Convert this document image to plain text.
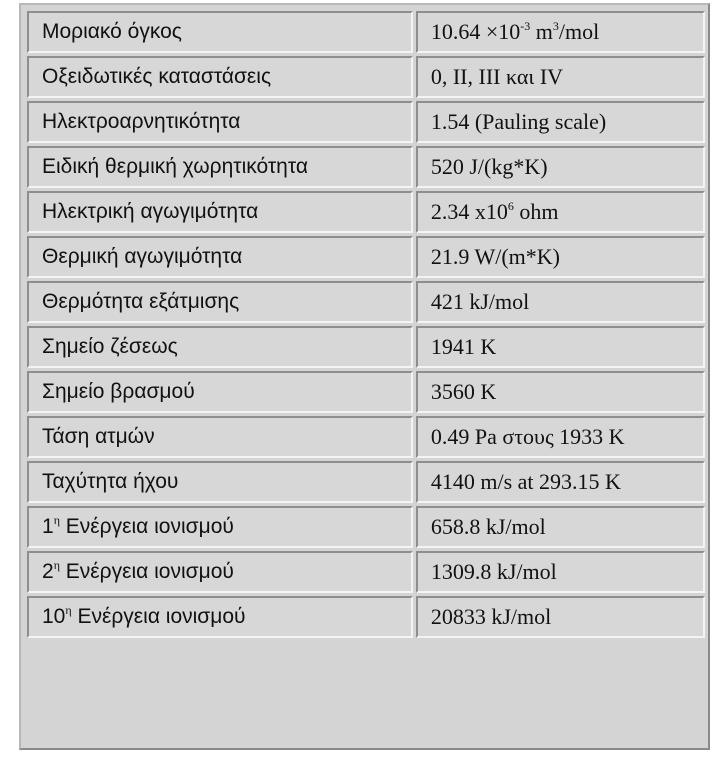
Μοριακό όγκος	$10.64 \times 10^{-3}$ $m^3$/mol
Οξειδωτικές καταστάσεις	0, ΙΙ, ΙΙΙ και IV
Ηλεκτροαρνητικότητα	1.54 (Pauling scale)
Ειδική θερμική χωρητικότητα	520 J/(kg*K)
Ηλεκτρική αγωγιμότητα	2.34 $x10^6$ ohm
Θερμική αγωγιμότητα	21.9 W/(m*K)
Θερμότητα εξάτμισης	421 kJ/mol
Σημείο ζέσεως	1941 K
Σημείο βρασμού	3560 K
Τάση ατμών	0.49 Pa στους 1933 K
Ταχύτητα ήχου	4140 m/s at 293.15 K
$1^\eta$ Ενέργεια ιονισμού	658.8 kJ/mol
$2^\eta$ Ενέργεια ιονισμού	1309.8 kJ/mol
$10^\eta$ Ενέργεια ιονισμού	20833 kJ/mol
